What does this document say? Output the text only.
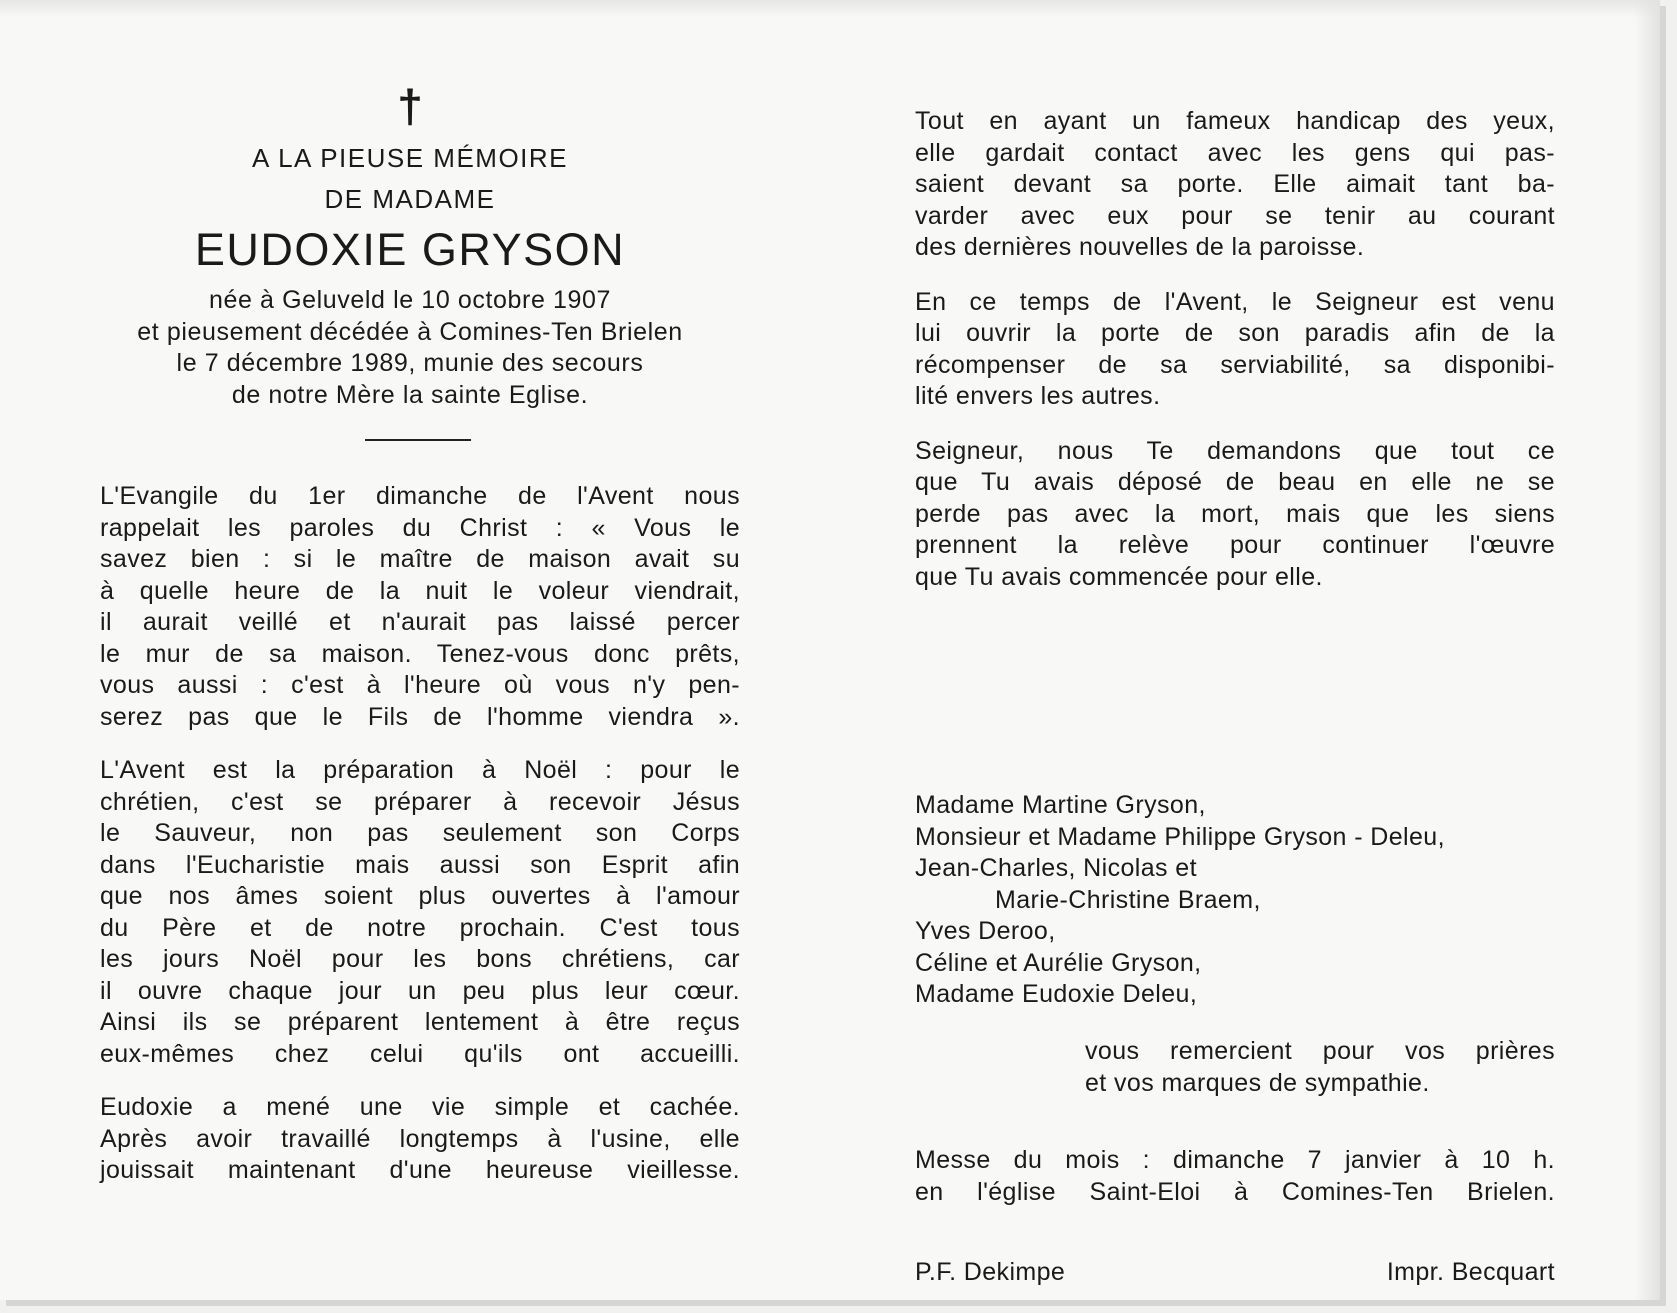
†
A LA PIEUSE MÉMOIRE
DE MADAME
EUDOXIE GRYSON
née à Geluveld le 10 octobre 1907
et pieusement décédée à Comines-Ten Brielen
le 7 décembre 1989, munie des secours
de notre Mère la sainte Eglise.
L'Evangile du 1er dimanche de l'Avent nous
rappelait les paroles du Christ : « Vous le
savez bien : si le maître de maison avait su
à quelle heure de la nuit le voleur viendrait,
il aurait veillé et n'aurait pas laissé percer
le mur de sa maison. Tenez-vous donc prêts,
vous aussi : c'est à l'heure où vous n'y pen-
serez pas que le Fils de l'homme viendra ».
L'Avent est la préparation à Noël : pour le
chrétien, c'est se préparer à recevoir Jésus
le Sauveur, non pas seulement son Corps
dans l'Eucharistie mais aussi son Esprit afin
que nos âmes soient plus ouvertes à l'amour
du Père et de notre prochain. C'est tous
les jours Noël pour les bons chrétiens, car
il ouvre chaque jour un peu plus leur cœur.
Ainsi ils se préparent lentement à être reçus
eux-mêmes chez celui qu'ils ont accueilli.
Eudoxie a mené une vie simple et cachée.
Après avoir travaillé longtemps à l'usine, elle
jouissait maintenant d'une heureuse vieillesse.
Tout en ayant un fameux handicap des yeux,
elle gardait contact avec les gens qui pas-
saient devant sa porte. Elle aimait tant ba-
varder avec eux pour se tenir au courant
des dernières nouvelles de la paroisse.
En ce temps de l'Avent, le Seigneur est venu
lui ouvrir la porte de son paradis afin de la
récompenser de sa serviabilité, sa disponibi-
lité envers les autres.
Seigneur, nous Te demandons que tout ce
que Tu avais déposé de beau en elle ne se
perde pas avec la mort, mais que les siens
prennent la relève pour continuer l'œuvre
que Tu avais commencée pour elle.
Madame Martine Gryson,
Monsieur et Madame Philippe Gryson - Deleu,
Jean-Charles, Nicolas et
Marie-Christine Braem,
Yves Deroo,
Céline et Aurélie Gryson,
Madame Eudoxie Deleu,
vous remercient pour vos prières
et vos marques de sympathie.
Messe du mois : dimanche 7 janvier à 10 h.
en l'église Saint-Eloi à Comines-Ten Brielen.
P.F. Dekimpe	Impr. Becquart
